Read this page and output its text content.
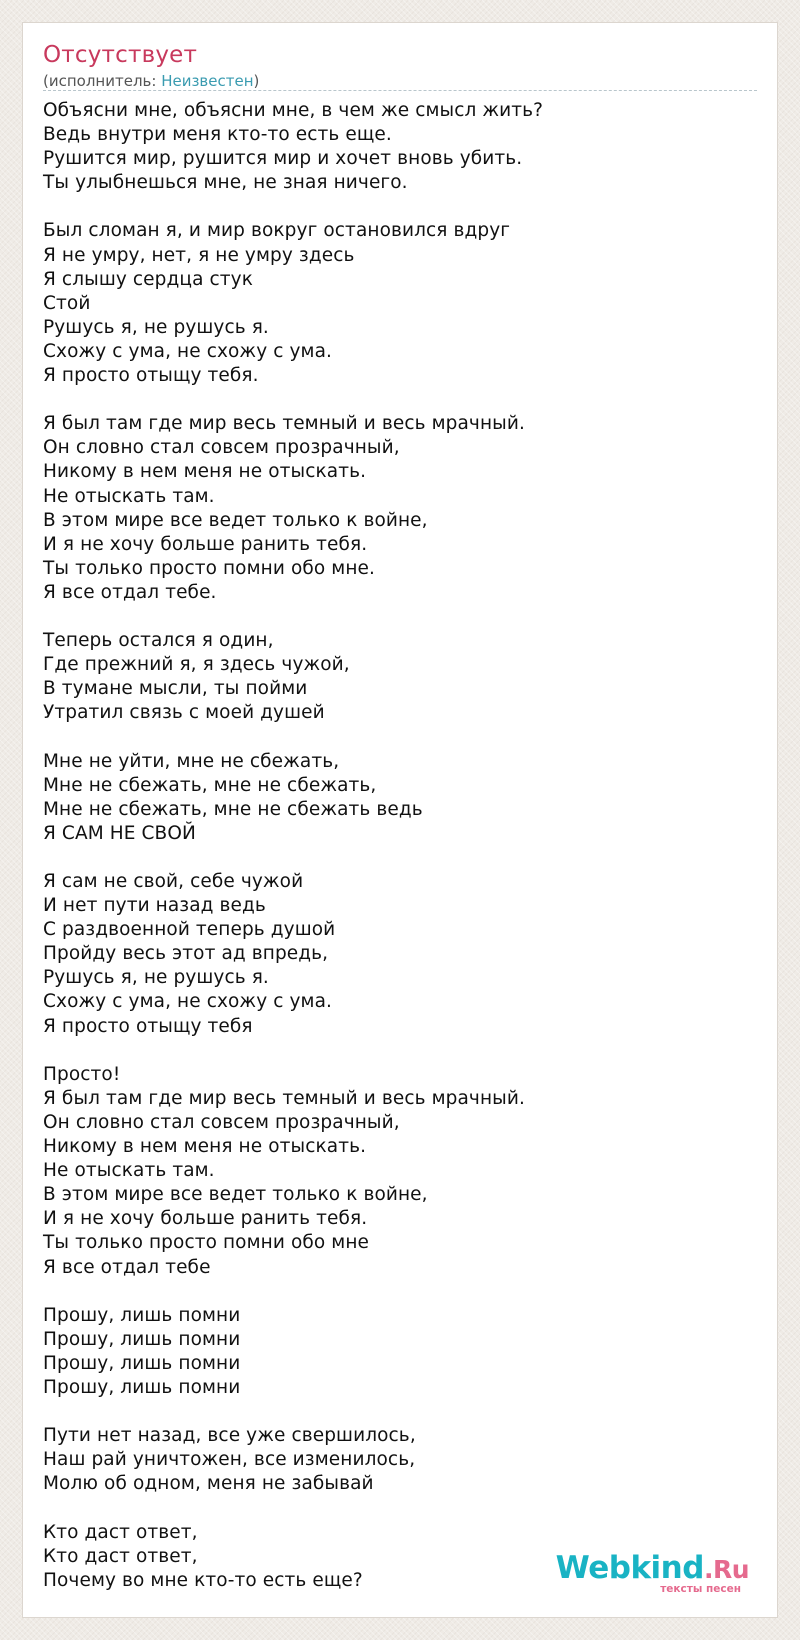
Отсутствует
(исполнитель: Неизвестен)
Объясни мне, объясни мне, в чем же смысл жить?
Ведь внутри меня кто-то есть еще.
Рушится мир, рушится мир и хочет вновь убить.
Ты улыбнешься мне, не зная ничего.
Был сломан я, и мир вокруг остановился вдруг
Я не умру, нет, я не умру здесь
Я слышу сердца стук
Стой
Рушусь я, не рушусь я.
Схожу с ума, не схожу с ума.
Я просто отыщу тебя.
Я был там где мир весь темный и весь мрачный.
Он словно стал совсем прозрачный,
Никому в нем меня не отыскать.
Не отыскать там.
В этом мире все ведет только к войне,
И я не хочу больше ранить тебя.
Ты только просто помни обо мне.
Я все отдал тебе.
Теперь остался я один,
Где прежний я, я здесь чужой,
В тумане мысли, ты пойми
Утратил связь с моей душей
Мне не уйти, мне не сбежать,
Мне не сбежать, мне не сбежать,
Мне не сбежать, мне не сбежать ведь
Я САМ НЕ СВОЙ
Я сам не свой, себе чужой
И нет пути назад ведь
С раздвоенной теперь душой
Пройду весь этот ад впредь,
Рушусь я, не рушусь я.
Схожу с ума, не схожу с ума.
Я просто отыщу тебя
Просто!
Я был там где мир весь темный и весь мрачный.
Он словно стал совсем прозрачный,
Никому в нем меня не отыскать.
Не отыскать там.
В этом мире все ведет только к войне,
И я не хочу больше ранить тебя.
Ты только просто помни обо мне
Я все отдал тебе
Прошу, лишь помни
Прошу, лишь помни
Прошу, лишь помни
Прошу, лишь помни
Пути нет назад, все уже свершилось,
Наш рай уничтожен, все изменилось,
Молю об одном, меня не забывай
Кто даст ответ,
Кто даст ответ,
Почему во мне кто-то есть еще?	Webkind.Ru
тексты песен
